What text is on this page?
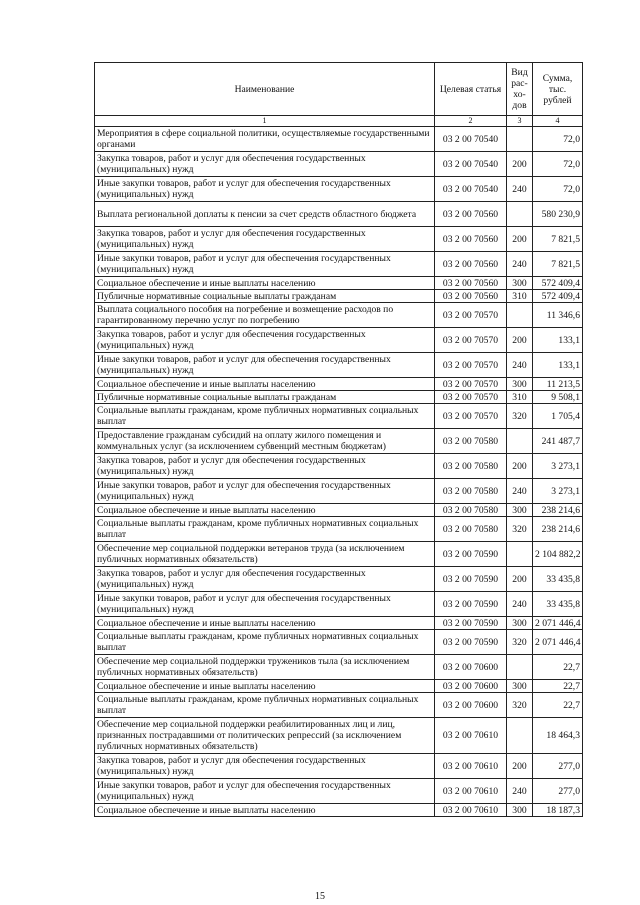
Наименование	Целевая статья	Вид рас-хо-дов	Сумма, тыс. рублей
1	2	3	4
Мероприятия в сфере социальной политики, осуществляемые государственными органами	03 2 00 70540		72,0
Закупка товаров, работ и услуг для обеспечения государственных (муниципальных) нужд	03 2 00 70540	200	72,0
Иные закупки товаров, работ и услуг для обеспечения государственных (муниципальных) нужд	03 2 00 70540	240	72,0
Выплата региональной доплаты к пенсии за счет средств областного бюджета	03 2 00 70560		580 230,9
Закупка товаров, работ и услуг для обеспечения государственных (муниципальных) нужд	03 2 00 70560	200	7 821,5
Иные закупки товаров, работ и услуг для обеспечения государственных (муниципальных) нужд	03 2 00 70560	240	7 821,5
Социальное обеспечение и иные выплаты населению	03 2 00 70560	300	572 409,4
Публичные нормативные социальные выплаты гражданам	03 2 00 70560	310	572 409,4
Выплата социального пособия на погребение и возмещение расходов по гарантированному перечню услуг по погребению	03 2 00 70570		11 346,6
Закупка товаров, работ и услуг для обеспечения государственных (муниципальных) нужд	03 2 00 70570	200	133,1
Иные закупки товаров, работ и услуг для обеспечения государственных (муниципальных) нужд	03 2 00 70570	240	133,1
Социальное обеспечение и иные выплаты населению	03 2 00 70570	300	11 213,5
Публичные нормативные социальные выплаты гражданам	03 2 00 70570	310	9 508,1
Социальные выплаты гражданам, кроме публичных нормативных социальных выплат	03 2 00 70570	320	1 705,4
Предоставление гражданам субсидий на оплату жилого помещения и коммунальных услуг (за исключением субвенций местным бюджетам)	03 2 00 70580		241 487,7
Закупка товаров, работ и услуг для обеспечения государственных (муниципальных) нужд	03 2 00 70580	200	3 273,1
Иные закупки товаров, работ и услуг для обеспечения государственных (муниципальных) нужд	03 2 00 70580	240	3 273,1
Социальное обеспечение и иные выплаты населению	03 2 00 70580	300	238 214,6
Социальные выплаты гражданам, кроме публичных нормативных социальных выплат	03 2 00 70580	320	238 214,6
Обеспечение мер социальной поддержки ветеранов труда (за исключением публичных нормативных обязательств)	03 2 00 70590		2 104 882,2
Закупка товаров, работ и услуг для обеспечения государственных (муниципальных) нужд	03 2 00 70590	200	33 435,8
Иные закупки товаров, работ и услуг для обеспечения государственных (муниципальных) нужд	03 2 00 70590	240	33 435,8
Социальное обеспечение и иные выплаты населению	03 2 00 70590	300	2 071 446,4
Социальные выплаты гражданам, кроме публичных нормативных социальных выплат	03 2 00 70590	320	2 071 446,4
Обеспечение мер социальной поддержки тружеников тыла (за исключением публичных нормативных обязательств)	03 2 00 70600		22,7
Социальное обеспечение и иные выплаты населению	03 2 00 70600	300	22,7
Социальные выплаты гражданам, кроме публичных нормативных социальных выплат	03 2 00 70600	320	22,7
Обеспечение мер социальной поддержки реабилитированных лиц и лиц, признанных пострадавшими от политических репрессий (за исключением публичных нормативных обязательств)	03 2 00 70610		18 464,3
Закупка товаров, работ и услуг для обеспечения государственных (муниципальных) нужд	03 2 00 70610	200	277,0
Иные закупки товаров, работ и услуг для обеспечения государственных (муниципальных) нужд	03 2 00 70610	240	277,0
Социальное обеспечение и иные выплаты населению	03 2 00 70610	300	18 187,3
15
